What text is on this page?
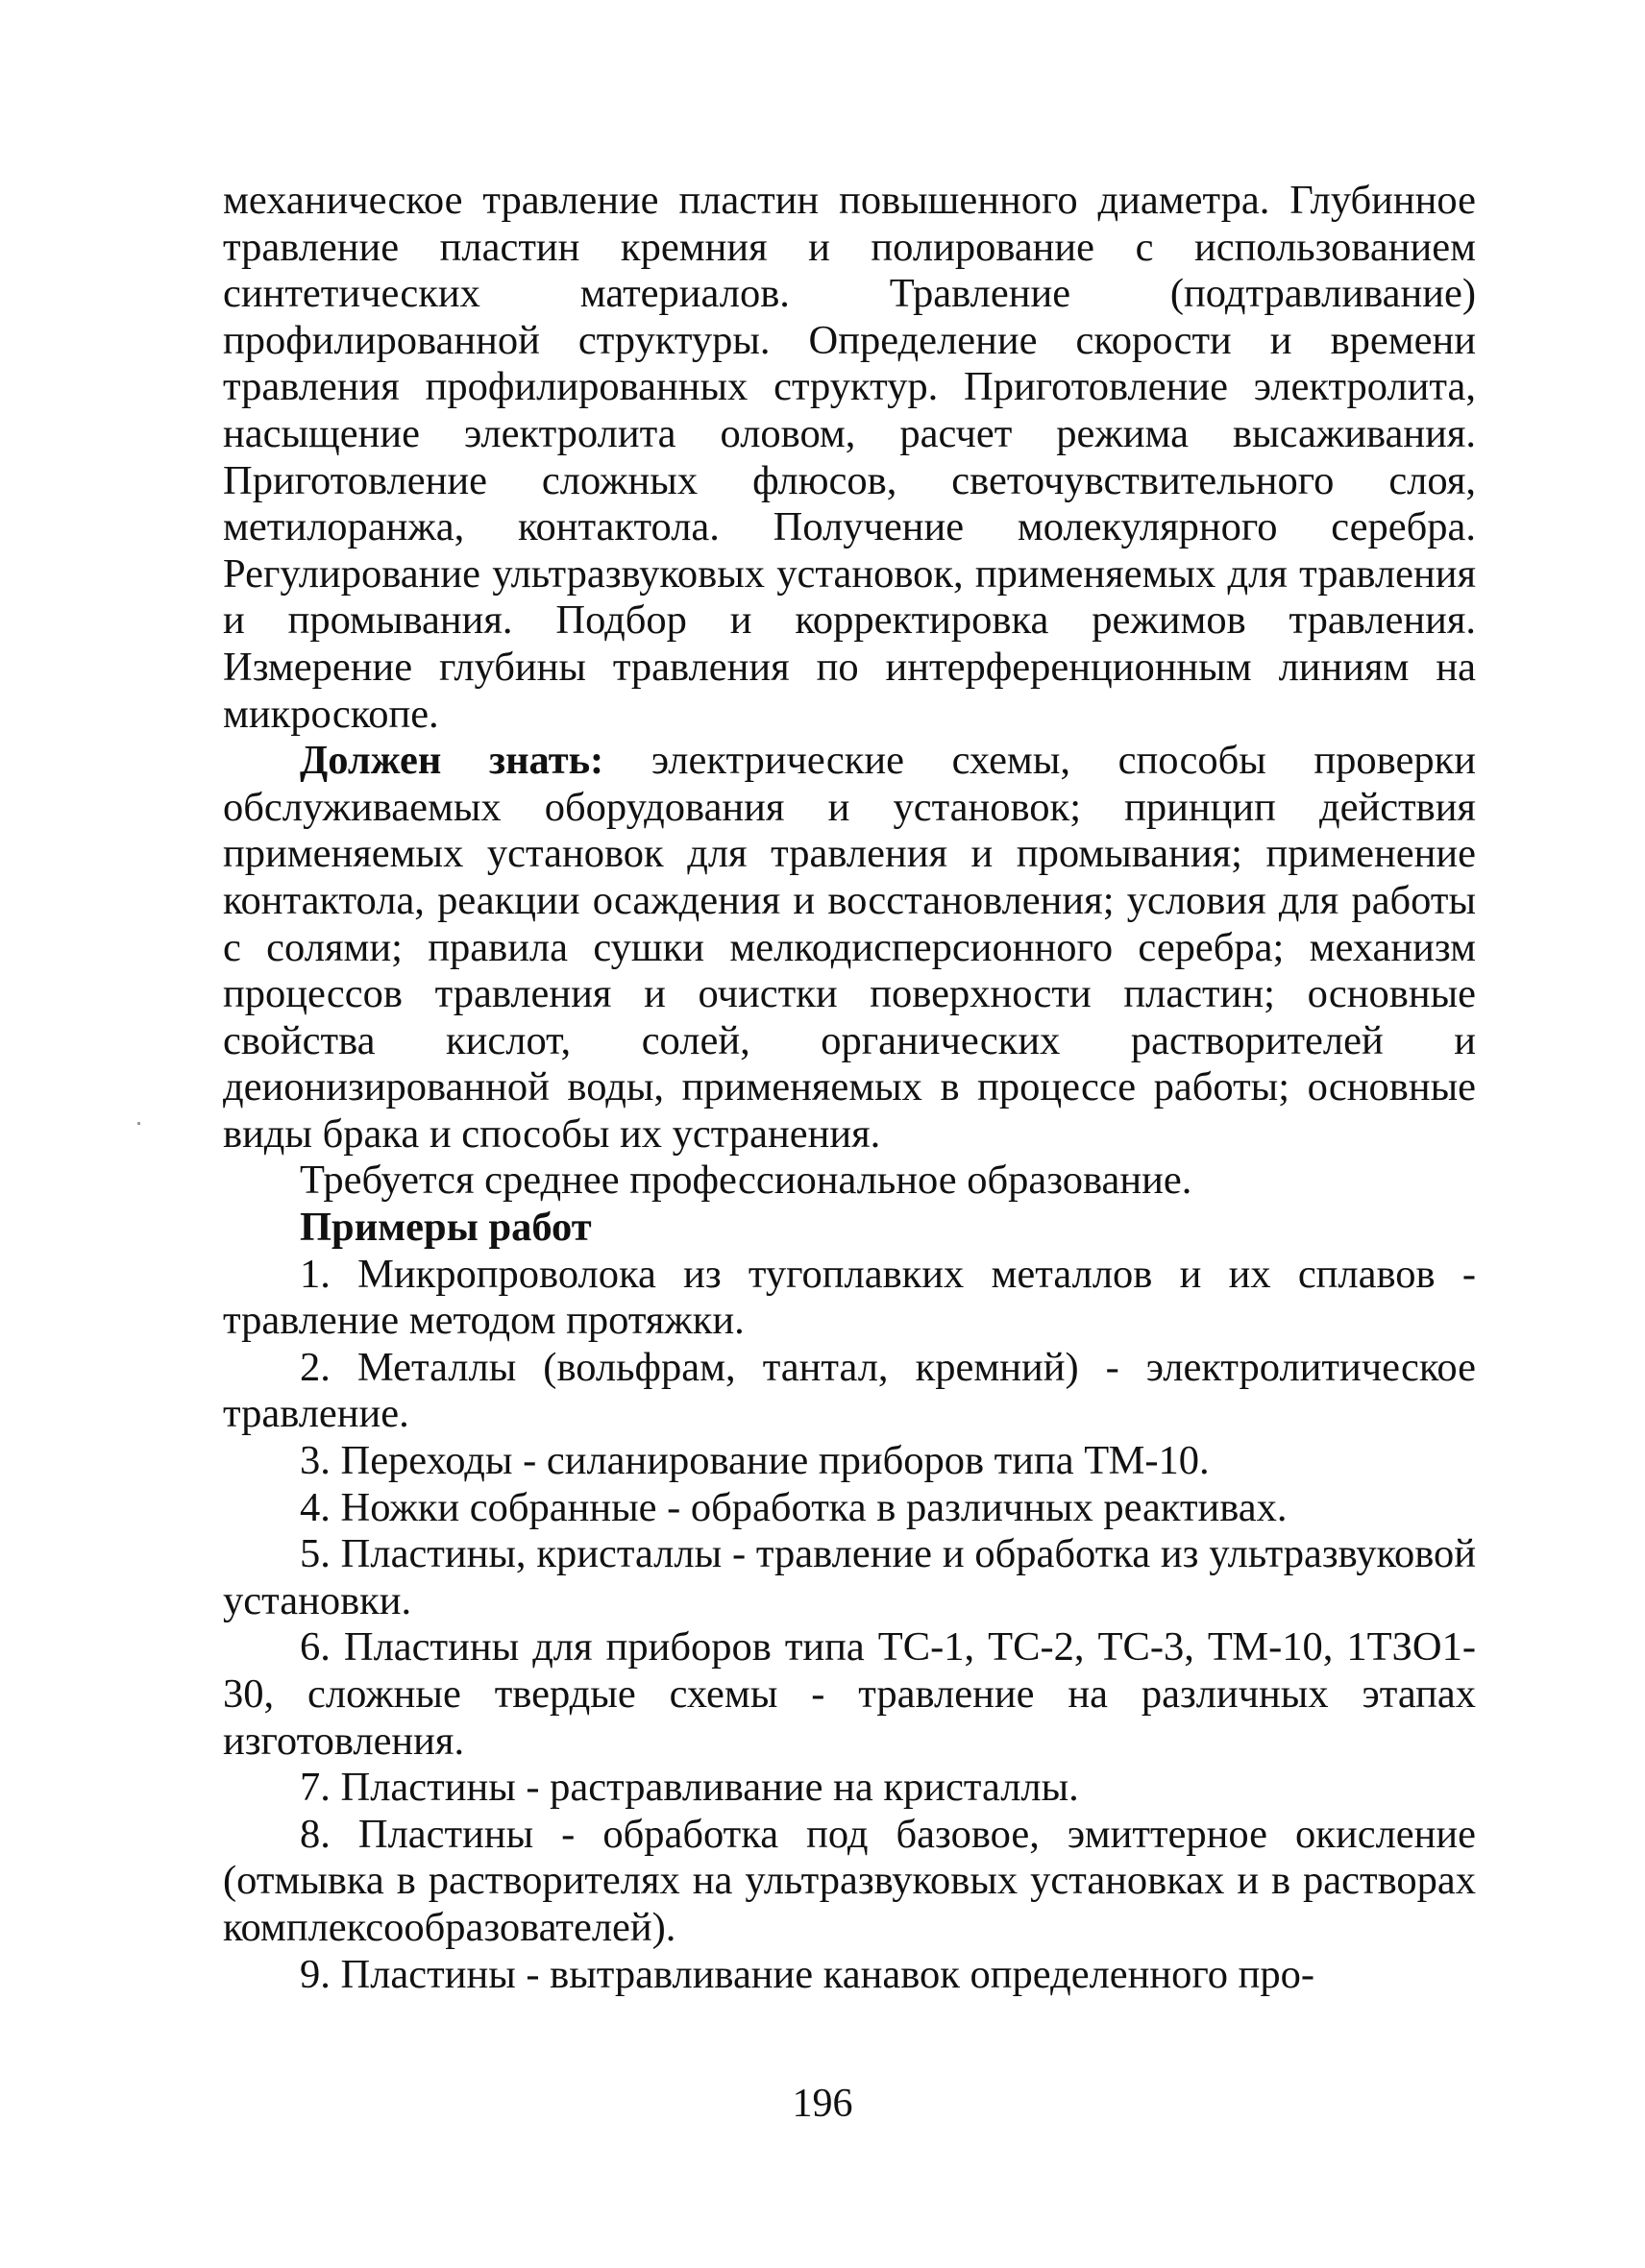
механическое травление пластин повышенного диаметра. Глубинное травление пластин кремния и полирование с использованием синтетических материалов. Травление (подтравливание) профилированной структуры. Определение скорости и времени травления профилированных структур. Приготовление электролита, насыщение электролита оловом, расчет режима высаживания. Приготовление сложных флюсов, светочувствительного слоя, метилоранжа, контактола. Получение молекулярного серебра. Регулирование ультразвуковых установок, применяемых для травления и промывания. Подбор и корректировка режимов травления. Измерение глубины травления по интерференционным линиям на микроскопе.

Должен знать: электрические схемы, способы проверки обслуживаемых оборудования и установок; принцип действия применяемых установок для травления и промывания; применение контактола, реакции осаждения и восстановления; условия для работы с солями; правила сушки мелкодисперсионного серебра; механизм процессов травления и очистки поверхности пластин; основные свойства кислот, солей, органических растворителей и деионизированной воды, применяемых в процессе работы; основные виды брака и способы их устранения.

Требуется среднее профессиональное образование.

Примеры работ

1. Микропроволока из тугоплавких металлов и их сплавов - травление методом протяжки.

2. Металлы (вольфрам, тантал, кремний) - электролитическое травление.

3. Переходы - силанирование приборов типа ТМ-10.

4. Ножки собранные - обработка в различных реактивах.

5. Пластины, кристаллы - травление и обработка из ультразвуковой установки.

6. Пластины для приборов типа ТС-1, ТС-2, ТС-3, ТМ-10, 1ТЗО1-30, сложные твердые схемы - травление на различных этапах изготовления.

7. Пластины - растравливание на кристаллы.

8. Пластины - обработка под базовое, эмиттерное окисление (отмывка в растворителях на ультразвуковых установках и в растворах комплексообразователей).

9. Пластины - вытравливание канавок определенного про-

196
